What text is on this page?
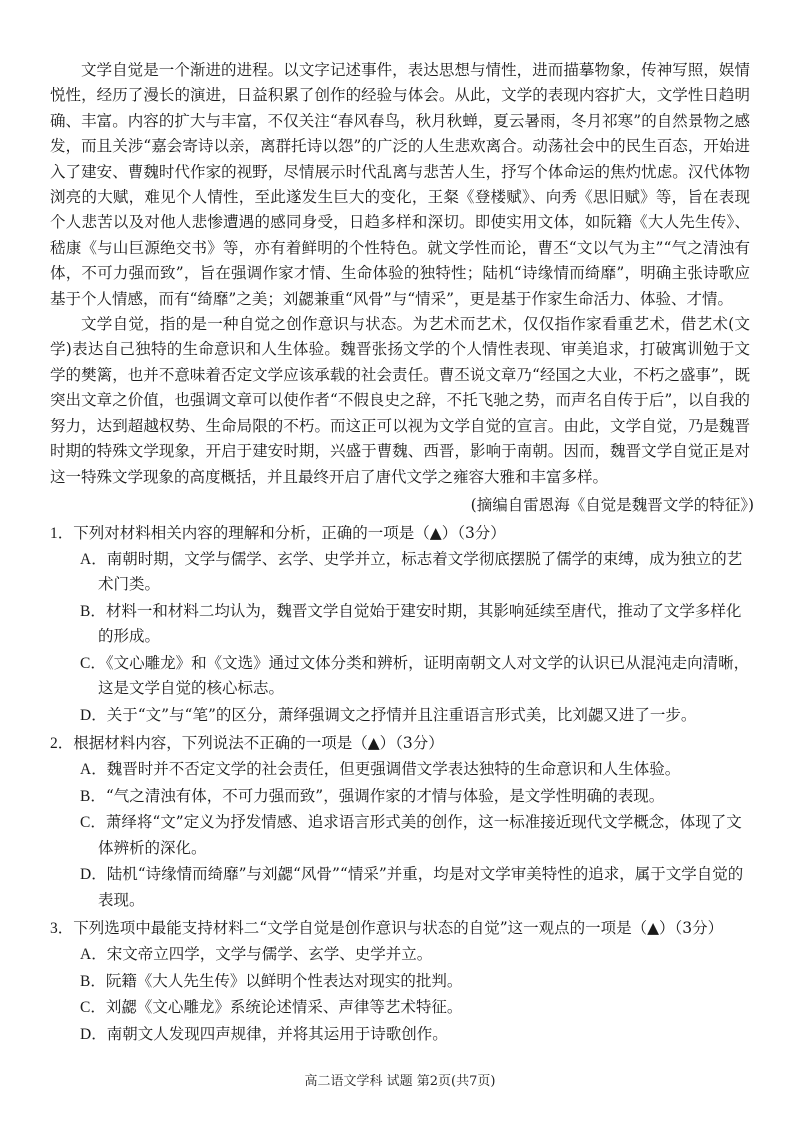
文学自觉是一个渐进的进程。以文字记述事件，表达思想与情性，进而描摹物象，传神写照，娱情悦性，经历了漫长的演进，日益积累了创作的经验与体会。从此，文学的表现内容扩大，文学性日趋明确、丰富。内容的扩大与丰富，不仅关注“春风春鸟，秋月秋蝉，夏云暑雨，冬月祁寒”的自然景物之感发，而且关涉“嘉会寄诗以亲，离群托诗以怨”的广泛的人生悲欢离合。动荡社会中的民生百态，开始进入了建安、曹魏时代作家的视野，尽情展示时代乱离与悲苦人生，抒写个体命运的焦灼忧虑。汉代体物浏亮的大赋，难见个人情性，至此遂发生巨大的变化，王粲《登楼赋》、向秀《思旧赋》等，旨在表现个人悲苦以及对他人悲惨遭遇的感同身受，日趋多样和深切。即使实用文体，如阮籍《大人先生传》、嵇康《与山巨源绝交书》等，亦有着鲜明的个性特色。就文学性而论，曹丕“文以气为主”“气之清浊有体，不可力强而致”，旨在强调作家才情、生命体验的独特性；陆机“诗缘情而绮靡”，明确主张诗歌应基于个人情感，而有“绮靡”之美；刘勰兼重“风骨”与“情采”，更是基于作家生命活力、体验、才情。

文学自觉，指的是一种自觉之创作意识与状态。为艺术而艺术，仅仅指作家看重艺术，借艺术(文学)表达自己独特的生命意识和人生体验。魏晋张扬文学的个人情性表现、审美追求，打破寓训勉于文学的樊篱，也并不意味着否定文学应该承载的社会责任。曹丕说文章乃“经国之大业，不朽之盛事”，既突出文章之价值，也强调文章可以使作者“不假良史之辞，不托飞驰之势，而声名自传于后”，以自我的努力，达到超越权势、生命局限的不朽。而这正可以视为文学自觉的宣言。由此，文学自觉，乃是魏晋时期的特殊文学现象，开启于建安时期，兴盛于曹魏、西晋，影响于南朝。因而，魏晋文学自觉正是对这一特殊文学现象的高度概括，并且最终开启了唐代文学之雍容大雅和丰富多样。

(摘编自雷恩海《自觉是魏晋文学的特征》)

1．下列对材料相关内容的理解和分析，正确的一项是（▲）（3分）

A．南朝时期，文学与儒学、玄学、史学并立，标志着文学彻底摆脱了儒学的束缚，成为独立的艺术门类。
B．材料一和材料二均认为，魏晋文学自觉始于建安时期，其影响延续至唐代，推动了文学多样化的形成。
C．《文心雕龙》和《文选》通过文体分类和辨析，证明南朝文人对文学的认识已从混沌走向清晰，这是文学自觉的核心标志。
D．关于“文”与“笔”的区分，萧绎强调文之抒情并且注重语言形式美，比刘勰又进了一步。

2．根据材料内容，下列说法不正确的一项是（▲）（3分）

A．魏晋时并不否定文学的社会责任，但更强调借文学表达独特的生命意识和人生体验。
B．“气之清浊有体，不可力强而致”，强调作家的才情与体验，是文学性明确的表现。
C．萧绎将“文”定义为抒发情感、追求语言形式美的创作，这一标准接近现代文学概念，体现了文体辨析的深化。
D．陆机“诗缘情而绮靡”与刘勰“风骨”“情采”并重，均是对文学审美特性的追求，属于文学自觉的表现。

3．下列选项中最能支持材料二“文学自觉是创作意识与状态的自觉”这一观点的一项是（▲）（3分）

A．宋文帝立四学，文学与儒学、玄学、史学并立。
B．阮籍《大人先生传》以鲜明个性表达对现实的批判。
C．刘勰《文心雕龙》系统论述情采、声律等艺术特征。
D．南朝文人发现四声规律，并将其运用于诗歌创作。
高二语文学科 试题 第2页(共7页)
